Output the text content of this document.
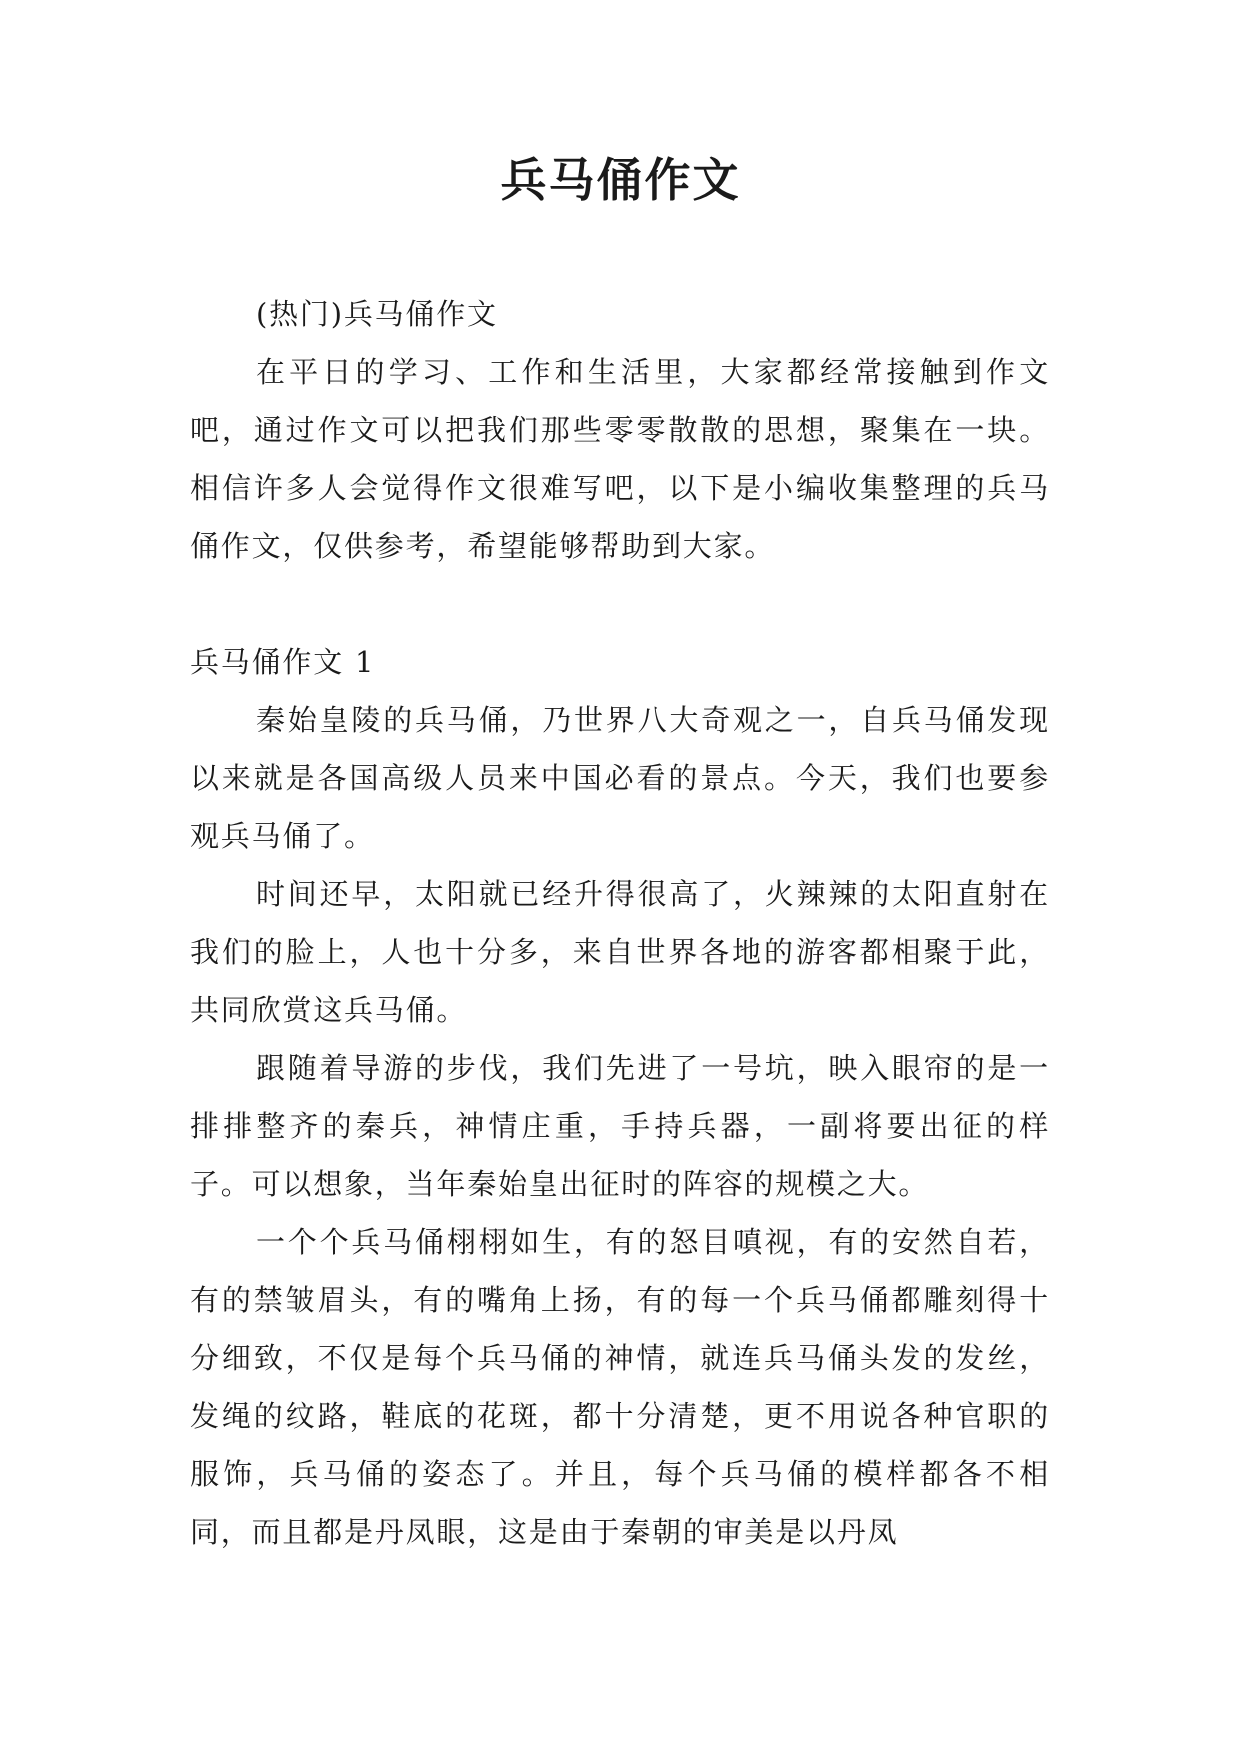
兵马俑作文

(热门)兵马俑作文

在平日的学习、工作和生活里，大家都经常接触到作文吧，通过作文可以把我们那些零零散散的思想，聚集在一块。相信许多人会觉得作文很难写吧，以下是小编收集整理的兵马俑作文，仅供参考，希望能够帮助到大家。

兵马俑作文 1

秦始皇陵的兵马俑，乃世界八大奇观之一，自兵马俑发现以来就是各国高级人员来中国必看的景点。今天，我们也要参观兵马俑了。

时间还早，太阳就已经升得很高了，火辣辣的太阳直射在我们的脸上，人也十分多，来自世界各地的游客都相聚于此，共同欣赏这兵马俑。

跟随着导游的步伐，我们先进了一号坑，映入眼帘的是一排排整齐的秦兵，神情庄重，手持兵器，一副将要出征的样子。可以想象，当年秦始皇出征时的阵容的规模之大。

一个个兵马俑栩栩如生，有的怒目嗔视，有的安然自若，有的禁皱眉头，有的嘴角上扬，有的每一个兵马俑都雕刻得十分细致，不仅是每个兵马俑的神情，就连兵马俑头发的发丝，发绳的纹路，鞋底的花斑，都十分清楚，更不用说各种官职的服饰，兵马俑的姿态了。并且，每个兵马俑的模样都各不相同，而且都是丹凤眼，这是由于秦朝的审美是以丹凤
